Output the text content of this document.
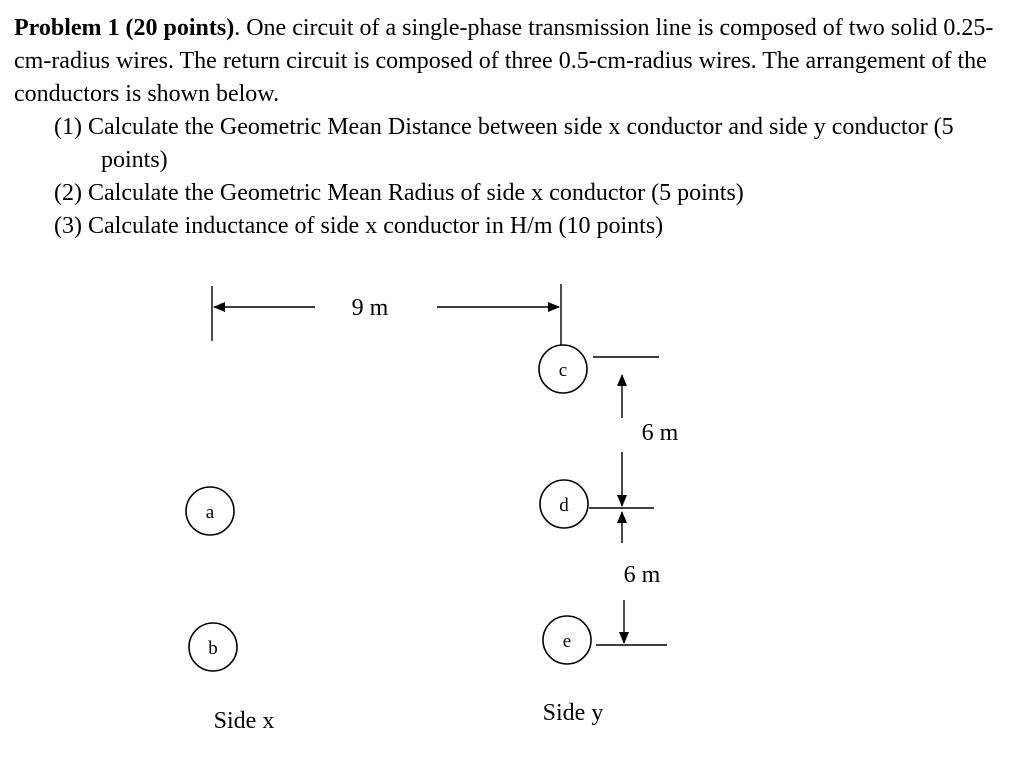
Problem 1 (20 points). One circuit of a single-phase transmission line is composed of two solid 0.25-cm-radius wires. The return circuit is composed of three 0.5-cm-radius wires. The arrangement of the conductors is shown below.

(1) Calculate the Geometric Mean Distance between side x conductor and side y conductor (5 points)
(2) Calculate the Geometric Mean Radius of side x conductor (5 points)
(3) Calculate inductance of side x conductor in H/m (10 points)
9 m
a
b
c
d
e
6 m
6 m
Side x	Side y
